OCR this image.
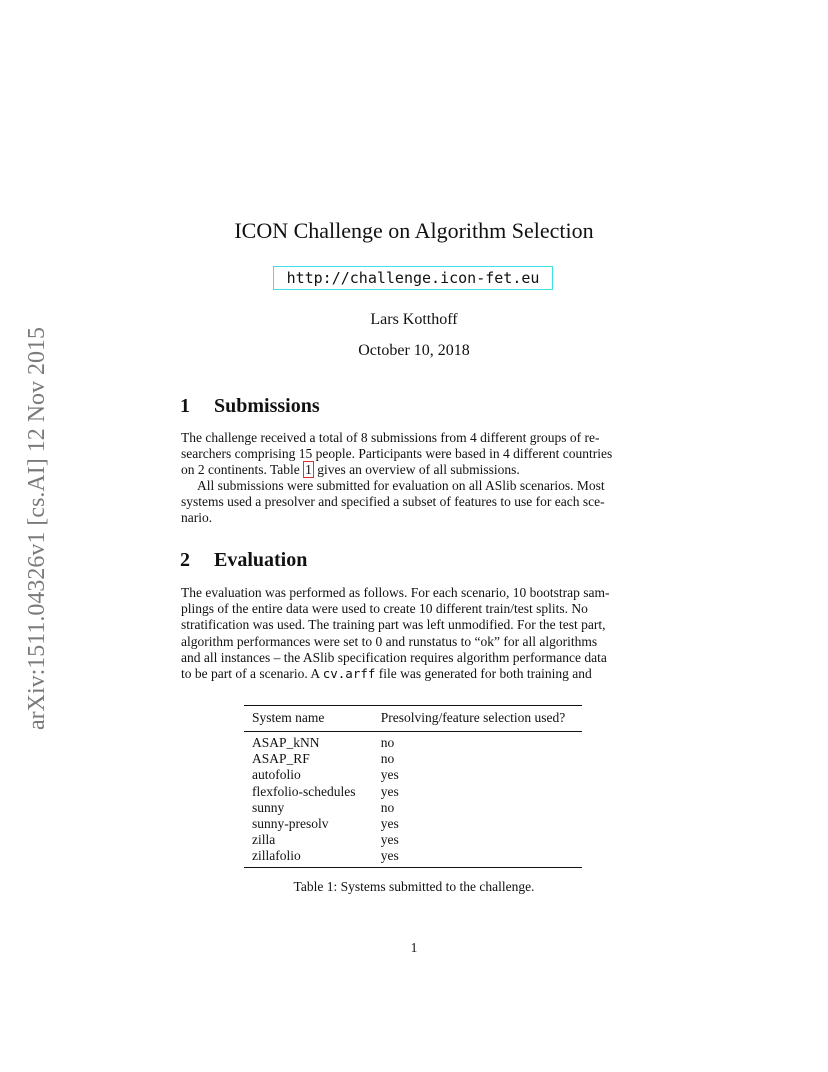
arXiv:1511.04326v1 [cs.AI] 12 Nov 2015
ICON Challenge on Algorithm Selection
http://challenge.icon-fet.eu
Lars Kotthoff
October 10, 2018
1 Submissions
The challenge received a total of 8 submissions from 4 different groups of re-
searchers comprising 15 people. Participants were based in 4 different countries
on 2 continents. Table 1 gives an overview of all submissions.
All submissions were submitted for evaluation on all ASlib scenarios. Most
systems used a presolver and specified a subset of features to use for each sce-
nario.
2 Evaluation
The evaluation was performed as follows. For each scenario, 10 bootstrap sam-
plings of the entire data were used to create 10 different train/test splits. No
stratification was used. The training part was left unmodified. For the test part,
algorithm performances were set to 0 and runstatus to “ok” for all algorithms
and all instances – the ASlib specification requires algorithm performance data
to be part of a scenario. A cv.arff file was generated for both training and
System name	Presolving/feature selection used?
ASAP_kNN	no
ASAP_RF	no
autofolio	yes
flexfolio-schedules	yes
sunny	no
sunny-presolv	yes
zilla	yes
zillafolio	yes
Table 1: Systems submitted to the challenge.
1
